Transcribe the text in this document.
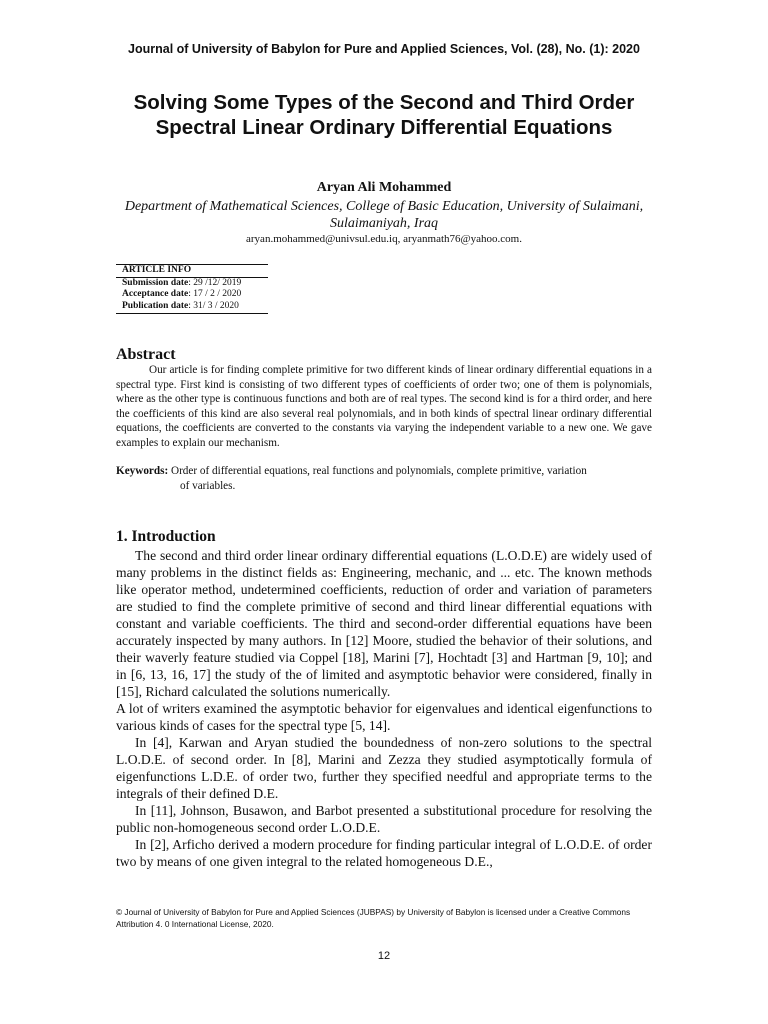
Journal of University of Babylon for Pure and Applied Sciences, Vol. (28), No. (1): 2020
Solving Some Types of the Second and Third Order Spectral Linear Ordinary Differential Equations
Aryan Ali Mohammed
Department of Mathematical Sciences, College of Basic Education, University of Sulaimani, Sulaimaniyah, Iraq
aryan.mohammed@univsul.edu.iq, aryanmath76@yahoo.com.
ARTICLE INFO
Submission date: 29 /12/ 2019
Acceptance date: 17 / 2 / 2020
Publication date: 31/ 3 / 2020
Abstract

Our article is for finding complete primitive for two different kinds of linear ordinary differential equations in a spectral type. First kind is consisting of two different types of coefficients of order two; one of them is polynomials, where as the other type is continuous functions and both are of real types. The second kind is for a third order, and here the coefficients of this kind are also several real polynomials, and in both kinds of spectral linear ordinary differential equations, the coefficients are converted to the constants via varying the independent variable to a new one. We gave examples to explain our mechanism.

Keywords: Order of differential equations, real functions and polynomials, complete primitive, variation
of variables.
1. Introduction

The second and third order linear ordinary differential equations (L.O.D.E) are widely used of many problems in the distinct fields as: Engineering, mechanic, and ... etc. The known methods like operator method, undetermined coefficients, reduction of order and variation of parameters are studied to find the complete primitive of second and third linear differential equations with constant and variable coefficients. The third and second-order differential equations have been accurately inspected by many authors. In [12] Moore, studied the behavior of their solutions, and their waverly feature studied via Coppel [18], Marini [7], Hochtadt [3] and Hartman [9, 10]; and in [6, 13, 16, 17] the study of the of limited and asymptotic behavior were considered, finally in [15], Richard calculated the solutions numerically.

A lot of writers examined the asymptotic behavior for eigenvalues and identical eigenfunctions to various kinds of cases for the spectral type [5, 14].

In [4], Karwan and Aryan studied the boundedness of non-zero solutions to the spectral L.O.D.E. of second order. In [8], Marini and Zezza they studied asymptotically formula of eigenfunctions L.D.E. of order two, further they specified needful and appropriate terms to the integrals of their defined D.E.

In [11], Johnson, Busawon, and Barbot presented a substitutional procedure for resolving the public non-homogeneous second order L.O.D.E.

In [2], Arficho derived a modern procedure for finding particular integral of L.O.D.E. of order two by means of one given integral to the related homogeneous D.E.,

© Journal of University of Babylon for Pure and Applied Sciences (JUBPAS) by University of Babylon is licensed under a Creative Commons Attribution 4. 0 International License, 2020.
12
